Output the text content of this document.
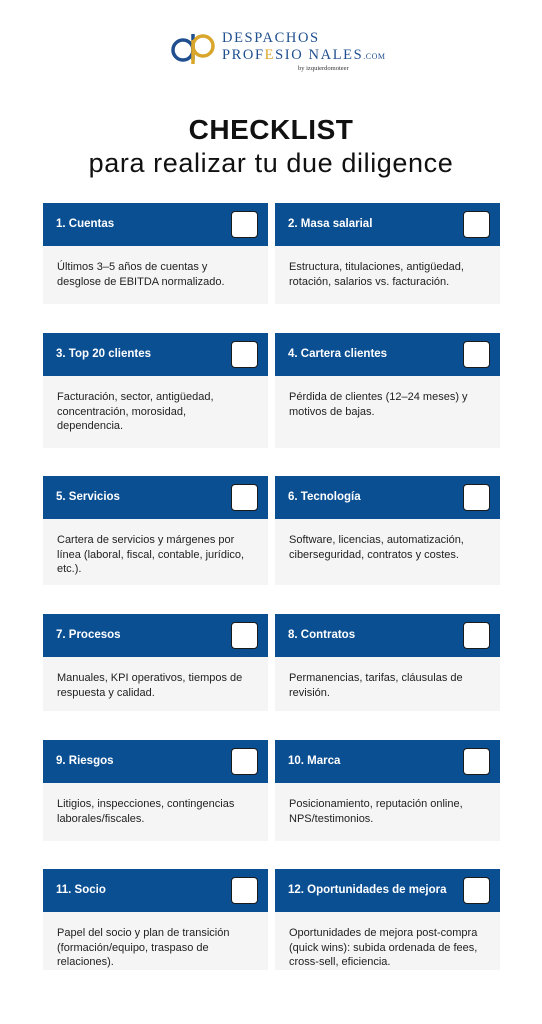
DESPACHOS
PROFESIO NALES.COM
by izquierdomoteer
CHECKLIST
para realizar tu due diligence
1. Cuentas
Últimos 3–5 años de cuentas y desglose de EBITDA normalizado.
2. Masa salarial
Estructura, titulaciones, antigüedad, rotación, salarios vs. facturación.
3. Top 20 clientes
Facturación, sector, antigüedad, concentración, morosidad, dependencia.
4. Cartera clientes
Pérdida de clientes (12–24 meses) y motivos de bajas.
5. Servicios
Cartera de servicios y márgenes por línea (laboral, fiscal, contable, jurídico, etc.).
6. Tecnología
Software, licencias, automatización, ciberseguridad, contratos y costes.
7. Procesos
Manuales, KPI operativos, tiempos de respuesta y calidad.
8. Contratos
Permanencias, tarifas, cláusulas de revisión.
9. Riesgos
Litigios, inspecciones, contingencias laborales/fiscales.
10. Marca
Posicionamiento, reputación online, NPS/testimonios.
11. Socio
Papel del socio y plan de transición (formación/equipo, traspaso de relaciones).
12. Oportunidades de mejora
Oportunidades de mejora post-compra (quick wins): subida ordenada de fees, cross-sell, eficiencia.
